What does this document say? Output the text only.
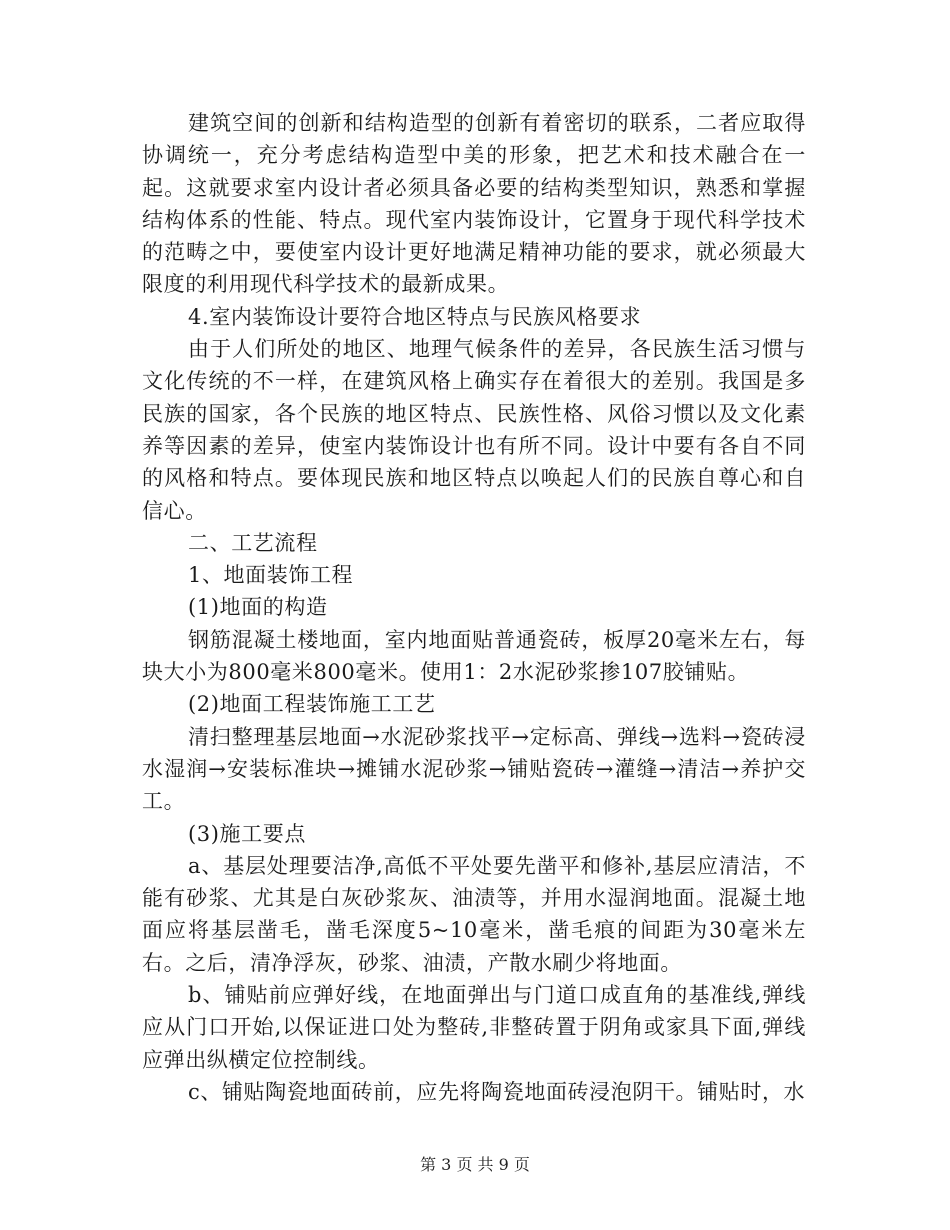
建筑空间的创新和结构造型的创新有着密切的联系，二者应取得协调统一，充分考虑结构造型中美的形象，把艺术和技术融合在一起。这就要求室内设计者必须具备必要的结构类型知识，熟悉和掌握结构体系的性能、特点。现代室内装饰设计，它置身于现代科学技术的范畴之中，要使室内设计更好地满足精神功能的要求，就必须最大限度的利用现代科学技术的最新成果。

4.室内装饰设计要符合地区特点与民族风格要求

由于人们所处的地区、地理气候条件的差异，各民族生活习惯与文化传统的不一样，在建筑风格上确实存在着很大的差别。我国是多民族的国家，各个民族的地区特点、民族性格、风俗习惯以及文化素养等因素的差异，使室内装饰设计也有所不同。设计中要有各自不同的风格和特点。要体现民族和地区特点以唤起人们的民族自尊心和自信心。

二、工艺流程

1、地面装饰工程

(1)地面的构造

钢筋混凝土楼地面，室内地面贴普通瓷砖，板厚20毫米左右，每块大小为800毫米800毫米。使用1：2水泥砂浆掺107胶铺贴。

(2)地面工程装饰施工工艺

清扫整理基层地面→水泥砂浆找平→定标高、弹线→选料→瓷砖浸水湿润→安装标准块→摊铺水泥砂浆→铺贴瓷砖→灌缝→清洁→养护交工。

(3)施工要点

a、基层处理要洁净,高低不平处要先凿平和修补,基层应清洁，不能有砂浆、尤其是白灰砂浆灰、油渍等，并用水湿润地面。混凝土地面应将基层凿毛，凿毛深度5~10毫米，凿毛痕的间距为30毫米左右。之后，清净浮灰，砂浆、油渍，产散水刷少将地面。

b、铺贴前应弹好线，在地面弹出与门道口成直角的基准线,弹线应从门口开始,以保证进口处为整砖,非整砖置于阴角或家具下面,弹线应弹出纵横定位控制线。

c、铺贴陶瓷地面砖前，应先将陶瓷地面砖浸泡阴干。铺贴时，水

第 3 页 共 9 页
